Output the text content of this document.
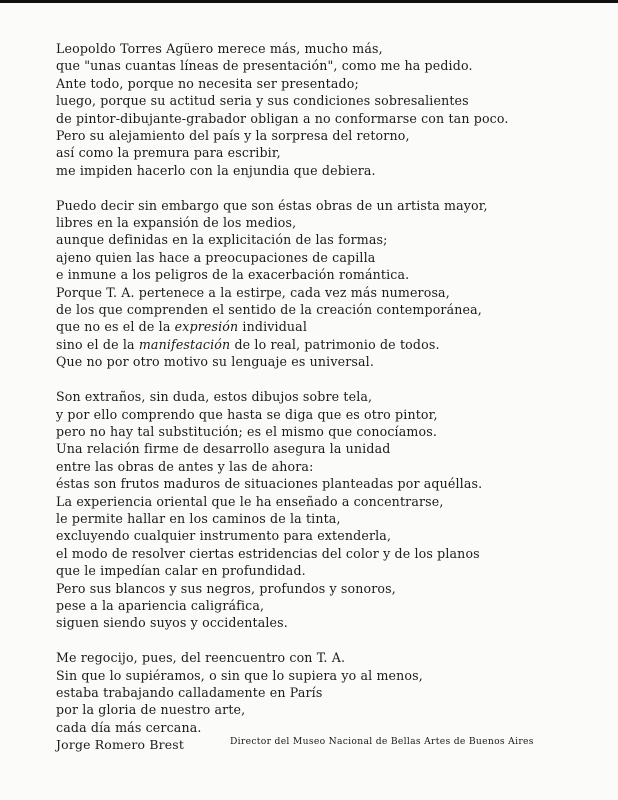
Leopoldo Torres Agüero merece más, mucho más,
que "unas cuantas líneas de presentación", como me ha pedido.
Ante todo, porque no necesita ser presentado;
luego, porque su actitud seria y sus condiciones sobresalientes
de pintor-dibujante-grabador obligan a no conformarse con tan poco.
Pero su alejamiento del país y la sorpresa del retorno,
así como la premura para escribir,
me impiden hacerlo con la enjundia que debiera.
Puedo decir sin embargo que son éstas obras de un artista mayor,
libres en la expansión de los medios,
aunque definidas en la explicitación de las formas;
ajeno quien las hace a preocupaciones de capilla
e inmune a los peligros de la exacerbación romántica.
Porque T. A. pertenece a la estirpe, cada vez más numerosa,
de los que comprenden el sentido de la creación contemporánea,
que no es el de la expresión individual
sino el de la manifestación de lo real, patrimonio de todos.
Que no por otro motivo su lenguaje es universal.
Son extraños, sin duda, estos dibujos sobre tela,
y por ello comprendo que hasta se diga que es otro pintor,
pero no hay tal substitución; es el mismo que conocíamos.
Una relación firme de desarrollo asegura la unidad
entre las obras de antes y las de ahora:
éstas son frutos maduros de situaciones planteadas por aquéllas.
La experiencia oriental que le ha enseñado a concentrarse,
le permite hallar en los caminos de la tinta,
excluyendo cualquier instrumento para extenderla,
el modo de resolver ciertas estridencias del color y de los planos
que le impedían calar en profundidad.
Pero sus blancos y sus negros, profundos y sonoros,
pese a la apariencia caligráfica,
siguen siendo suyos y occidentales.
Me regocijo, pues, del reencuentro con T. A.
Sin que lo supiéramos, o sin que lo supiera yo al menos,
estaba trabajando calladamente en París
por la gloria de nuestro arte,
cada día más cercana.
Jorge Romero Brest	Director del Museo Nacional de Bellas Artes de Buenos Aires
